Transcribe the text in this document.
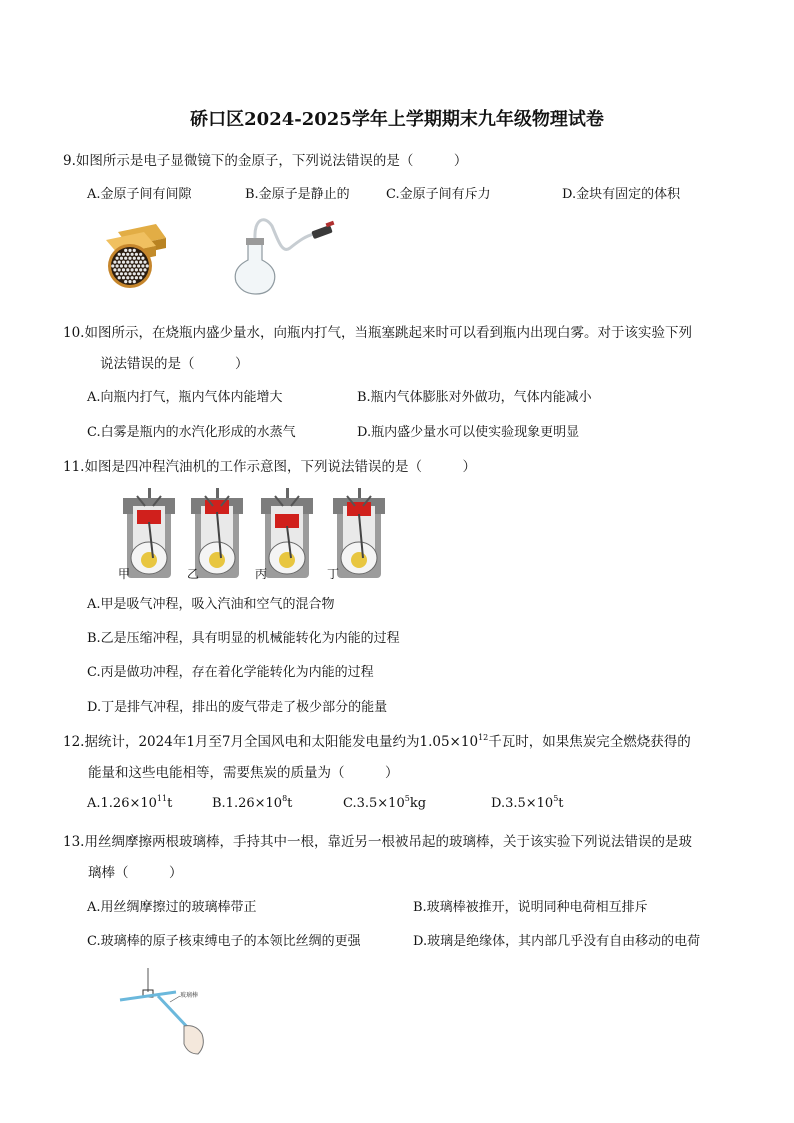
硚口区2024-2025学年上学期期末九年级物理试卷
9.如图所示是电子显微镜下的金原子，下列说法错误的是（　　　）
A.金原子间有间隙	B.金原子是静止的	C.金原子间有斥力	D.金块有固定的体积
10.如图所示，在烧瓶内盛少量水，向瓶内打气，当瓶塞跳起来时可以看到瓶内出现白雾。对于该实验下列
说法错误的是（　　　）
A.向瓶内打气，瓶内气体内能增大	B.瓶内气体膨胀对外做功，气体内能减小
C.白雾是瓶内的水汽化形成的水蒸气	D.瓶内盛少量水可以使实验现象更明显
11.如图是四冲程汽油机的工作示意图，下列说法错误的是（　　　）
甲	乙	丙	丁
A.甲是吸气冲程，吸入汽油和空气的混合物
B.乙是压缩冲程，具有明显的机械能转化为内能的过程
C.丙是做功冲程，存在着化学能转化为内能的过程
D.丁是排气冲程，排出的废气带走了极少部分的能量
12.据统计，2024年1月至7月全国风电和太阳能发电量约为$1.05\times 10^{12}$千瓦时，如果焦炭完全燃烧获得的
能量和这些电能相等，需要焦炭的质量为（　　　）
$A.1.26\times 10^{11}t$	$B.1.26\times 10^8t$	$C.3.5\times 10^5kg$	$D.3.5\times 10^5t$
13.用丝绸摩擦两根玻璃棒，手持其中一根，靠近另一根被吊起的玻璃棒，关于该实验下列说法错误的是玻
璃棒（　　　）
A.用丝绸摩擦过的玻璃棒带正	B.玻璃棒被推开，说明同种电荷相互排斥
C.玻璃棒的原子核束缚电子的本领比丝绸的更强	D.玻璃是绝缘体，其内部几乎没有自由移动的电荷
玻璃棒
